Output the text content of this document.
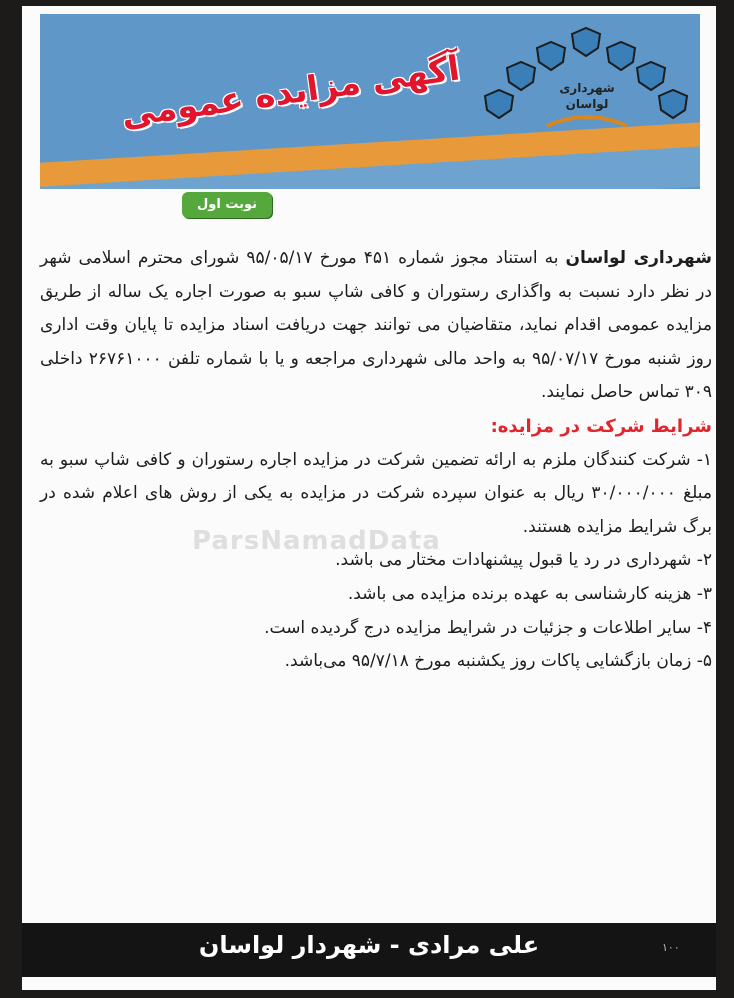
آگهی مزایده عمومی	شهرداری
لواسان
نوبت اول

شهرداری لواسان به استناد مجوز شماره ۴۵۱ مورخ ۹۵/۰۵/۱۷ شورای محترم اسلامی شهر در نظر دارد نسبت به واگذاری رستوران و کافی شاپ سبو به صورت اجاره یک ساله از طریق مزایده عمومی اقدام نماید، متقاضیان می توانند جهت دریافت اسناد مزایده تا پایان وقت اداری روز شنبه مورخ ۹۵/۰۷/۱۷ به واحد مالی شهرداری مراجعه و یا با شماره تلفن ۲۶۷۶۱۰۰۰ داخلی ۳۰۹ تماس حاصل نمایند.

شرایط شرکت در مزایده:

۱- شرکت کنندگان ملزم به ارائه تضمین شرکت در مزایده اجاره رستوران و کافی شاپ سبو به مبلغ ۳۰/۰۰۰/۰۰۰ ریال به عنوان سپرده شرکت در مزایده به یکی از روش های اعلام شده در برگ شرایط مزایده هستند.

۲- شهرداری در رد یا قبول پیشنهادات مختار می باشد.

۳- هزینه کارشناسی به عهده برنده مزایده می باشد.

۴- سایر اطلاعات و جزئیات در شرایط مزایده درج گردیده است.

۵- زمان بازگشایی پاکات روز یکشنبه مورخ ۹۵/۷/۱۸ می‌باشد.

ParsNamadData
علی مرادی - شهردار لواسان	۱۰۰
